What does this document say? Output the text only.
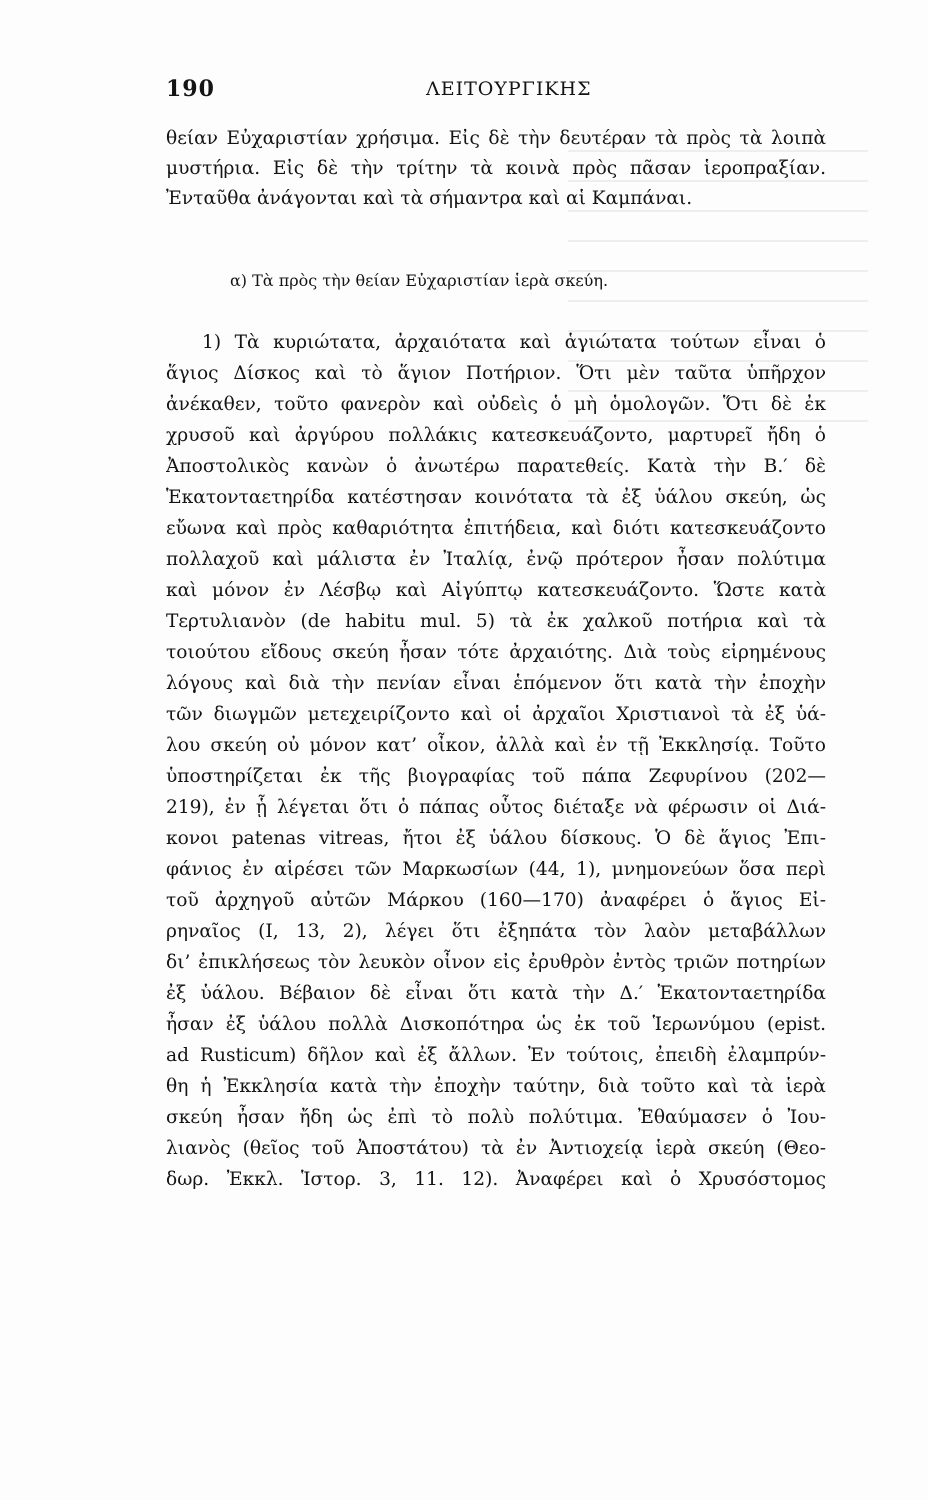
190	ΛΕΙΤΟΥΡΓΙΚΗΣ
θείαν Εὐχαριστίαν χρήσιμα. Εἰς δὲ τὴν δευτέραν τὰ πρὸς τὰ λοιπὰ
μυστήρια. Εἰς δὲ τὴν τρίτην τὰ κοινὰ πρὸς πᾶσαν ἱεροπραξίαν.
Ἐνταῦθα ἀνάγονται καὶ τὰ σήμαντρα καὶ αἱ Καμπάναι.
α) Τὰ πρὸς τὴν θείαν Εὐχαριστίαν ἱερὰ σκεύη.
1) Τὰ κυριώτατα, ἀρχαιότατα καὶ ἁγιώτατα τούτων εἶναι ὁ
ἅγιος Δίσκος καὶ τὸ ἅγιον Ποτήριον. Ὅτι μὲν ταῦτα ὑπῆρχον
ἀνέκαθεν, τοῦτο φανερὸν καὶ οὐδεὶς ὁ μὴ ὁμολογῶν. Ὅτι δὲ ἐκ
χρυσοῦ καὶ ἀργύρου πολλάκις κατεσκευάζοντο, μαρτυρεῖ ἤδη ὁ
Ἀποστολικὸς κανὼν ὁ ἀνωτέρω παρατεθείς. Κατὰ τὴν Β.′ δὲ
Ἑκατονταετηρίδα κατέστησαν κοινότατα τὰ ἐξ ὑάλου σκεύη, ὡς
εὔωνα καὶ πρὸς καθαριότητα ἐπιτήδεια, καὶ διότι κατεσκευάζοντο
πολλαχοῦ καὶ μάλιστα ἐν Ἰταλίᾳ, ἐνῷ πρότερον ἦσαν πολύτιμα
καὶ μόνον ἐν Λέσβῳ καὶ Αἰγύπτῳ κατεσκευάζοντο. Ὥστε κατὰ
Τερτυλιανὸν (de habitu mul. 5) τὰ ἐκ χαλκοῦ ποτήρια καὶ τὰ
τοιούτου εἴδους σκεύη ἦσαν τότε ἀρχαιότης. Διὰ τοὺς εἰρημένους
λόγους καὶ διὰ τὴν πενίαν εἶναι ἑπόμενον ὅτι κατὰ τὴν ἐποχὴν
τῶν διωγμῶν μετεχειρίζοντο καὶ οἱ ἀρχαῖοι Χριστιανοὶ τὰ ἐξ ὑά-
λου σκεύη οὐ μόνον κατ’ οἶκον, ἀλλὰ καὶ ἐν τῇ Ἐκκλησίᾳ. Τοῦτο
ὑποστηρίζεται ἐκ τῆς βιογραφίας τοῦ πάπα Ζεφυρίνου (202—
219), ἐν ᾗ λέγεται ὅτι ὁ πάπας οὗτος διέταξε νὰ φέρωσιν οἱ Διά-
κονοι patenas vitreas, ἤτοι ἐξ ὑάλου δίσκους. Ὁ δὲ ἅγιος Ἐπι-
φάνιος ἐν αἱρέσει τῶν Μαρκωσίων (44, 1), μνημονεύων ὅσα περὶ
τοῦ ἀρχηγοῦ αὐτῶν Μάρκου (160—170) ἀναφέρει ὁ ἅγιος Εἰ-
ρηναῖος (I, 13, 2), λέγει ὅτι ἐξηπάτα τὸν λαὸν μεταβάλλων
δι’ ἐπικλήσεως τὸν λευκὸν οἶνον εἰς ἐρυθρὸν ἐντὸς τριῶν ποτηρίων
ἐξ ὑάλου. Βέβαιον δὲ εἶναι ὅτι κατὰ τὴν Δ.′ Ἑκατονταετηρίδα
ἦσαν ἐξ ὑάλου πολλὰ Δισκοπότηρα ὡς ἐκ τοῦ Ἱερωνύμου (epist.
ad Rusticum) δῆλον καὶ ἐξ ἄλλων. Ἐν τούτοις, ἐπειδὴ ἐλαμπρύν-
θη ἡ Ἐκκλησία κατὰ τὴν ἐποχὴν ταύτην, διὰ τοῦτο καὶ τὰ ἱερὰ
σκεύη ἦσαν ἤδη ὡς ἐπὶ τὸ πολὺ πολύτιμα. Ἐθαύμασεν ὁ Ἰου-
λιανὸς (θεῖος τοῦ Ἀποστάτου) τὰ ἐν Ἀντιοχείᾳ ἱερὰ σκεύη (Θεο-
δωρ. Ἐκκλ. Ἱστορ. 3, 11. 12). Ἀναφέρει καὶ ὁ Χρυσόστομος
